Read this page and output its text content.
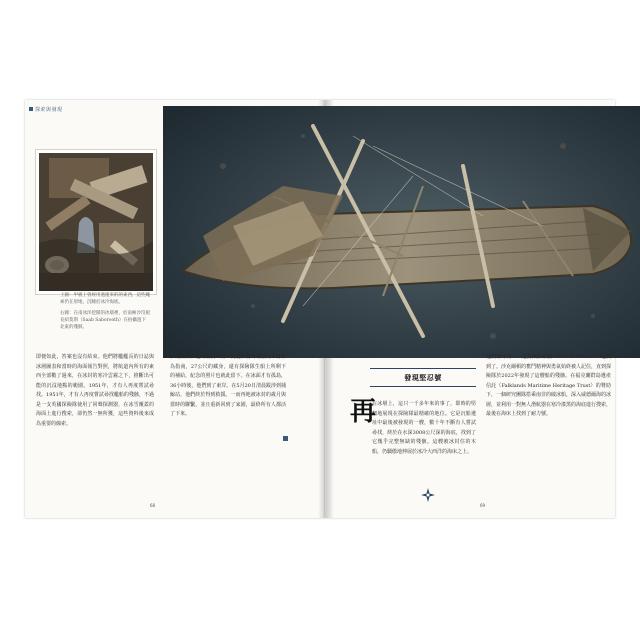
探索與發現

上圖：甲板上曾經用過運來的的東西，這些繩索仍在原地、沉睡於冰冷海底。

右圖：在南冰洋挖開的冰層裡，於南極沙沒船長紹莫斯（Saab Saborooth）在拍攝過下北東的殘骸。

即便如此，答案也沒有結束。他們將艦艦長的日誌與冰層圖表和當時的海面報告對照，將航道內所有的東西全部數了過來，在冰封的寒冷雲霧之下，推斷出可能的沉沒地點的範圍。1951年，才有人再度嘗試尋找。1951年，才有人再度嘗試尋找艦船的殘骸，不過是一支英國探險隊使用了回聲探測器，在冰雪覆蓋的海面上進行搜索，卻仍然一無所獲，這些資料後來成為重要的線索。
沙克爾頓和他的船員只有一帆艇和當時堆積的木材作為指南，27公尺的藏身，還有探險隊生船上所剩下的補給，紀念的照片也就此留下。在冰面才有孤島，36小時後，他們到了東岸。在5月20日清晨跋涉到捕鯨站，他們終於得到救援。一而再地被冰封的歲月與當時的聯繫，並且重新回到了家園，最終所有人都活了下來。
發現堅忍號
再
在冰層上，這只一千多年來的事了，即時的堅韌地展現在探險隊最精確的地位。它是沉船遺址中最後被發現的一艘，數十年不斷有人嘗試尋找，終於在水深3008公尺深的海底，找到了它幾乎完整無缺的殘骸。這艘被冰封住的木船，仍驕傲地伸展於冰冷大西洋的海床之上。
他們稱呼為——迪安與探索號（H.M.S. Tenor）一起找到了。沙克爾頓的奮鬥精神與勇氣始終被人記住，直到探險隊於2022年發現了這艘船的殘骸。在福克蘭群島遺產信託（Falklands Maritime Heritage Trust）的贊助下，一個研究團隊搭乘南非的破冰船，深入威德爾海的冰層，並利用一對無人潛航器在寒冷漆黑的海底進行搜索，最後在海床上找到了耐力號。
68	69
